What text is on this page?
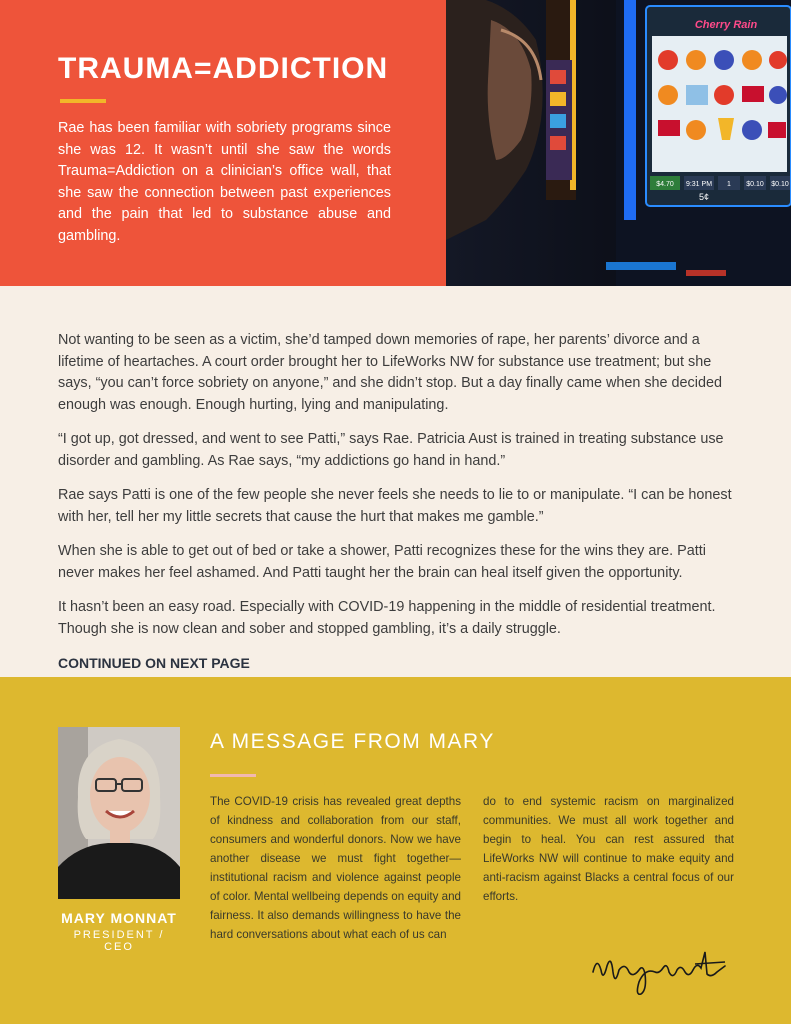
TRAUMA=ADDICTION

Rae has been familiar with sobriety programs since she was 12. It wasn’t until she saw the words Trauma=Addiction on a clinician’s office wall, that she saw the connection between past experiences and the pain that led to substance abuse and gambling.

Cherry Rain
$4.70 9:31 PM 1 $0.10 $0.10
5¢

Not wanting to be seen as a victim, she’d tamped down memories of rape, her parents’ divorce and a lifetime of heartaches. A court order brought her to LifeWorks NW for substance use treatment; but she says, “you can’t force sobriety on anyone,” and she didn’t stop. But a day finally came when she decided enough was enough. Enough hurting, lying and manipulating.

“I got up, got dressed, and went to see Patti,” says Rae. Patricia Aust is trained in treating substance use disorder and gambling. As Rae says, “my addictions go hand in hand.”

Rae says Patti is one of the few people she never feels she needs to lie to or manipulate. “I can be honest with her, tell her my little secrets that cause the hurt that makes me gamble.”

When she is able to get out of bed or take a shower, Patti recognizes these for the wins they are. Patti never makes her feel ashamed. And Patti taught her the brain can heal itself given the opportunity.

It hasn’t been an easy road. Especially with COVID-19 happening in the middle of residential treatment. Though she is now clean and sober and stopped gambling, it’s a daily struggle.

CONTINUED ON NEXT PAGE

MARY MONNAT
PRESIDENT / CEO
A MESSAGE FROM MARY

The COVID-19 crisis has revealed great depths of kindness and collaboration from our staff, consumers and wonderful donors. Now we have another disease we must fight together—institutional racism and violence against people of color. Mental wellbeing depends on equity and fairness. It also demands willingness to have the hard conversations about what each of us can

do to end systemic racism on marginalized communities. We must all work together and begin to heal. You can rest assured that LifeWorks NW will continue to make equity and anti-racism against Blacks a central focus of our efforts.
